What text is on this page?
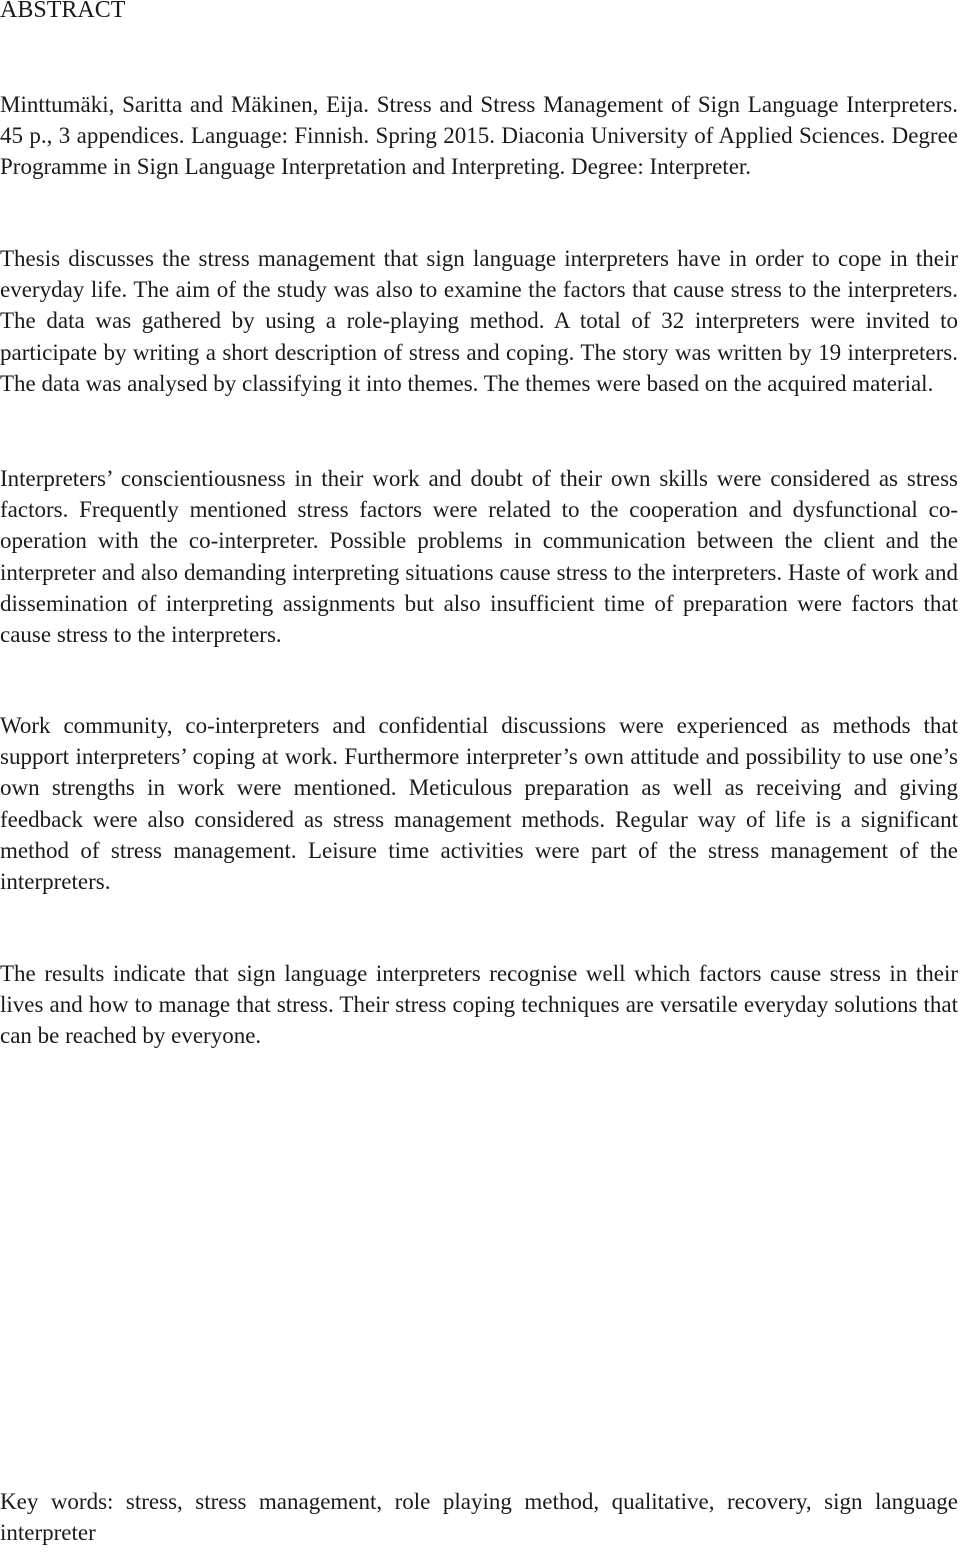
ABSTRACT

Minttumäki, Saritta and Mäkinen, Eija. Stress and Stress Management of Sign Language Interpreters. 45 p., 3 appendices. Language: Finnish. Spring 2015. Diaconia University of Applied Sciences. Degree Programme in Sign Language Interpretation and Interpreting. Degree: Interpreter.

Thesis discusses the stress management that sign language interpreters have in order to cope in their everyday life. The aim of the study was also to examine the factors that cause stress to the interpreters. The data was gathered by using a role-playing method. A total of 32 interpreters were invited to participate by writing a short description of stress and coping. The story was written by 19 interpreters. The data was analysed by classifying it into themes. The themes were based on the acquired material.

Interpreters’ conscientiousness in their work and doubt of their own skills were considered as stress factors. Frequently mentioned stress factors were related to the cooperation and dysfunctional co-operation with the co-interpreter. Possible problems in communication between the client and the interpreter and also demanding interpreting situations cause stress to the interpreters. Haste of work and dissemination of interpreting assignments but also insufficient time of preparation were factors that cause stress to the interpreters.

Work community, co-interpreters and confidential discussions were experienced as methods that support interpreters’ coping at work. Furthermore interpreter’s own attitude and possibility to use one’s own strengths in work were mentioned. Meticulous preparation as well as receiving and giving feedback were also considered as stress management methods. Regular way of life is a significant method of stress management. Leisure time activities were part of the stress management of the interpreters.

The results indicate that sign language interpreters recognise well which factors cause stress in their lives and how to manage that stress. Their stress coping techniques are versatile everyday solutions that can be reached by everyone.

Key words: stress, stress management, role playing method, qualitative, recovery, sign language interpreter
